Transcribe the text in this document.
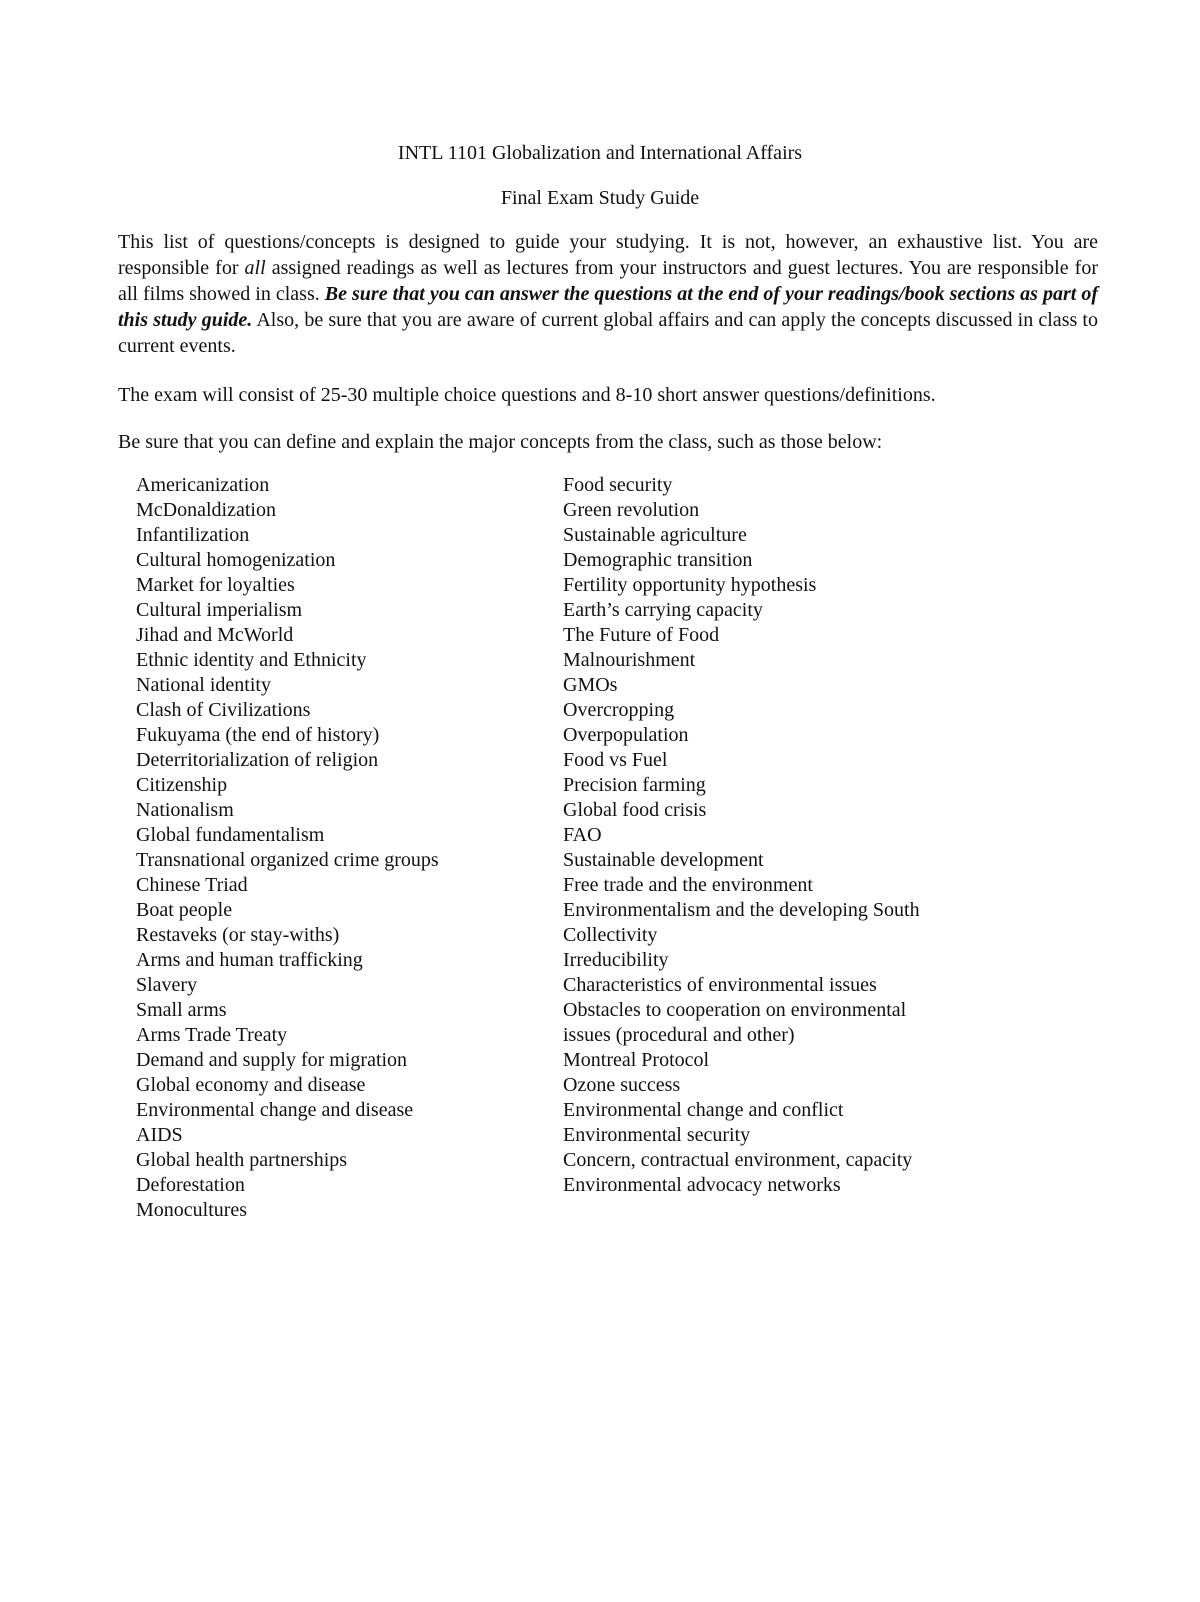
INTL 1101 Globalization and International Affairs
Final Exam Study Guide

This list of questions/concepts is designed to guide your studying. It is not, however, an exhaustive list. You are responsible for all assigned readings as well as lectures from your instructors and guest lectures. You are responsible for all films showed in class. Be sure that you can answer the questions at the end of your readings/book sections as part of this study guide. Also, be sure that you are aware of current global affairs and can apply the concepts discussed in class to current events.

The exam will consist of 25-30 multiple choice questions and 8-10 short answer questions/definitions.
Be sure that you can define and explain the major concepts from the class, such as those below:
Americanization
McDonaldization
Infantilization
Cultural homogenization
Market for loyalties
Cultural imperialism
Jihad and McWorld
Ethnic identity and Ethnicity
National identity
Clash of Civilizations
Fukuyama (the end of history)
Deterritorialization of religion
Citizenship
Nationalism
Global fundamentalism
Transnational organized crime groups
Chinese Triad
Boat people
Restaveks (or stay-withs)
Arms and human trafficking
Slavery
Small arms
Arms Trade Treaty
Demand and supply for migration
Global economy and disease
Environmental change and disease
AIDS
Global health partnerships
Deforestation
Monocultures
Food security
Green revolution
Sustainable agriculture
Demographic transition
Fertility opportunity hypothesis
Earth’s carrying capacity
The Future of Food
Malnourishment
GMOs
Overcropping
Overpopulation
Food vs Fuel
Precision farming
Global food crisis
FAO
Sustainable development
Free trade and the environment
Environmentalism and the developing South
Collectivity
Irreducibility
Characteristics of environmental issues
Obstacles to cooperation on environmental
issues (procedural and other)
Montreal Protocol
Ozone success
Environmental change and conflict
Environmental security
Concern, contractual environment, capacity
Environmental advocacy networks
